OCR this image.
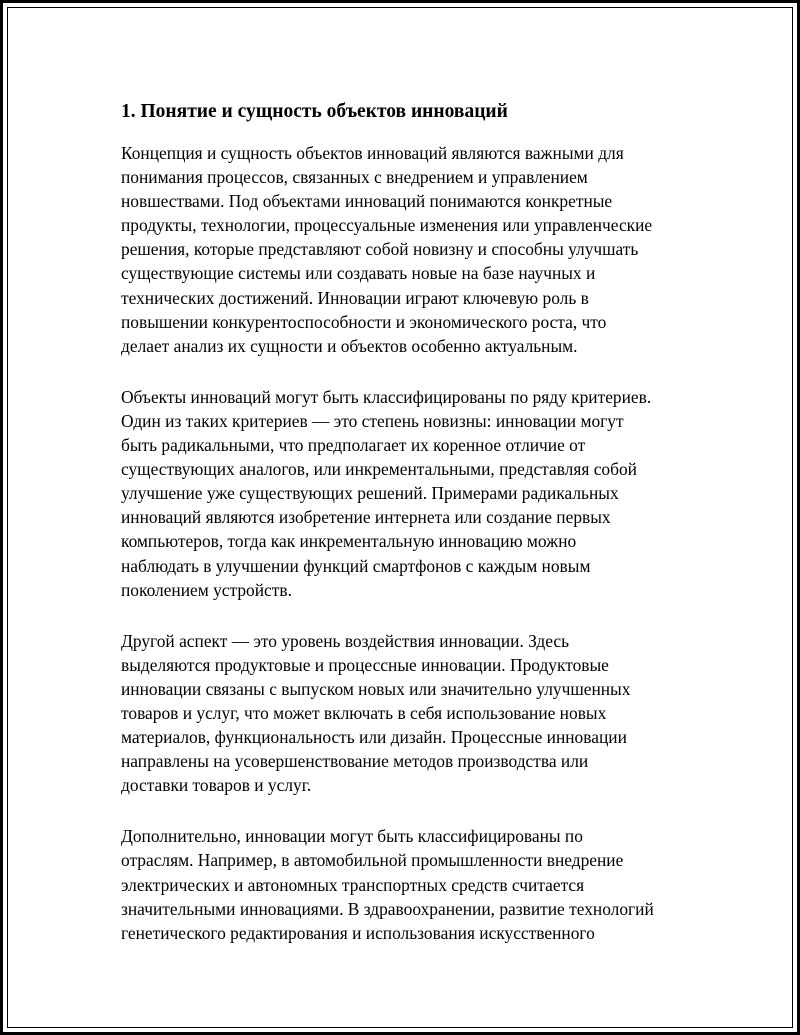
1. Понятие и сущность объектов инноваций

Концепция и сущность объектов инноваций являются важными для
понимания процессов, связанных с внедрением и управлением
новшествами. Под объектами инноваций понимаются конкретные
продукты, технологии, процессуальные изменения или управленческие
решения, которые представляют собой новизну и способны улучшать
существующие системы или создавать новые на базе научных и
технических достижений. Инновации играют ключевую роль в
повышении конкурентоспособности и экономического роста, что
делает анализ их сущности и объектов особенно актуальным.

Объекты инноваций могут быть классифицированы по ряду критериев.
Один из таких критериев — это степень новизны: инновации могут
быть радикальными, что предполагает их коренное отличие от
существующих аналогов, или инкрементальными, представляя собой
улучшение уже существующих решений. Примерами радикальных
инноваций являются изобретение интернета или создание первых
компьютеров, тогда как инкрементальную инновацию можно
наблюдать в улучшении функций смартфонов с каждым новым
поколением устройств.

Другой аспект — это уровень воздействия инновации. Здесь
выделяются продуктовые и процессные инновации. Продуктовые
инновации связаны с выпуском новых или значительно улучшенных
товаров и услуг, что может включать в себя использование новых
материалов, функциональность или дизайн. Процессные инновации
направлены на усовершенствование методов производства или
доставки товаров и услуг.

Дополнительно, инновации могут быть классифицированы по
отраслям. Например, в автомобильной промышленности внедрение
электрических и автономных транспортных средств считается
значительными инновациями. В здравоохранении, развитие технологий
генетического редактирования и использования искусственного
